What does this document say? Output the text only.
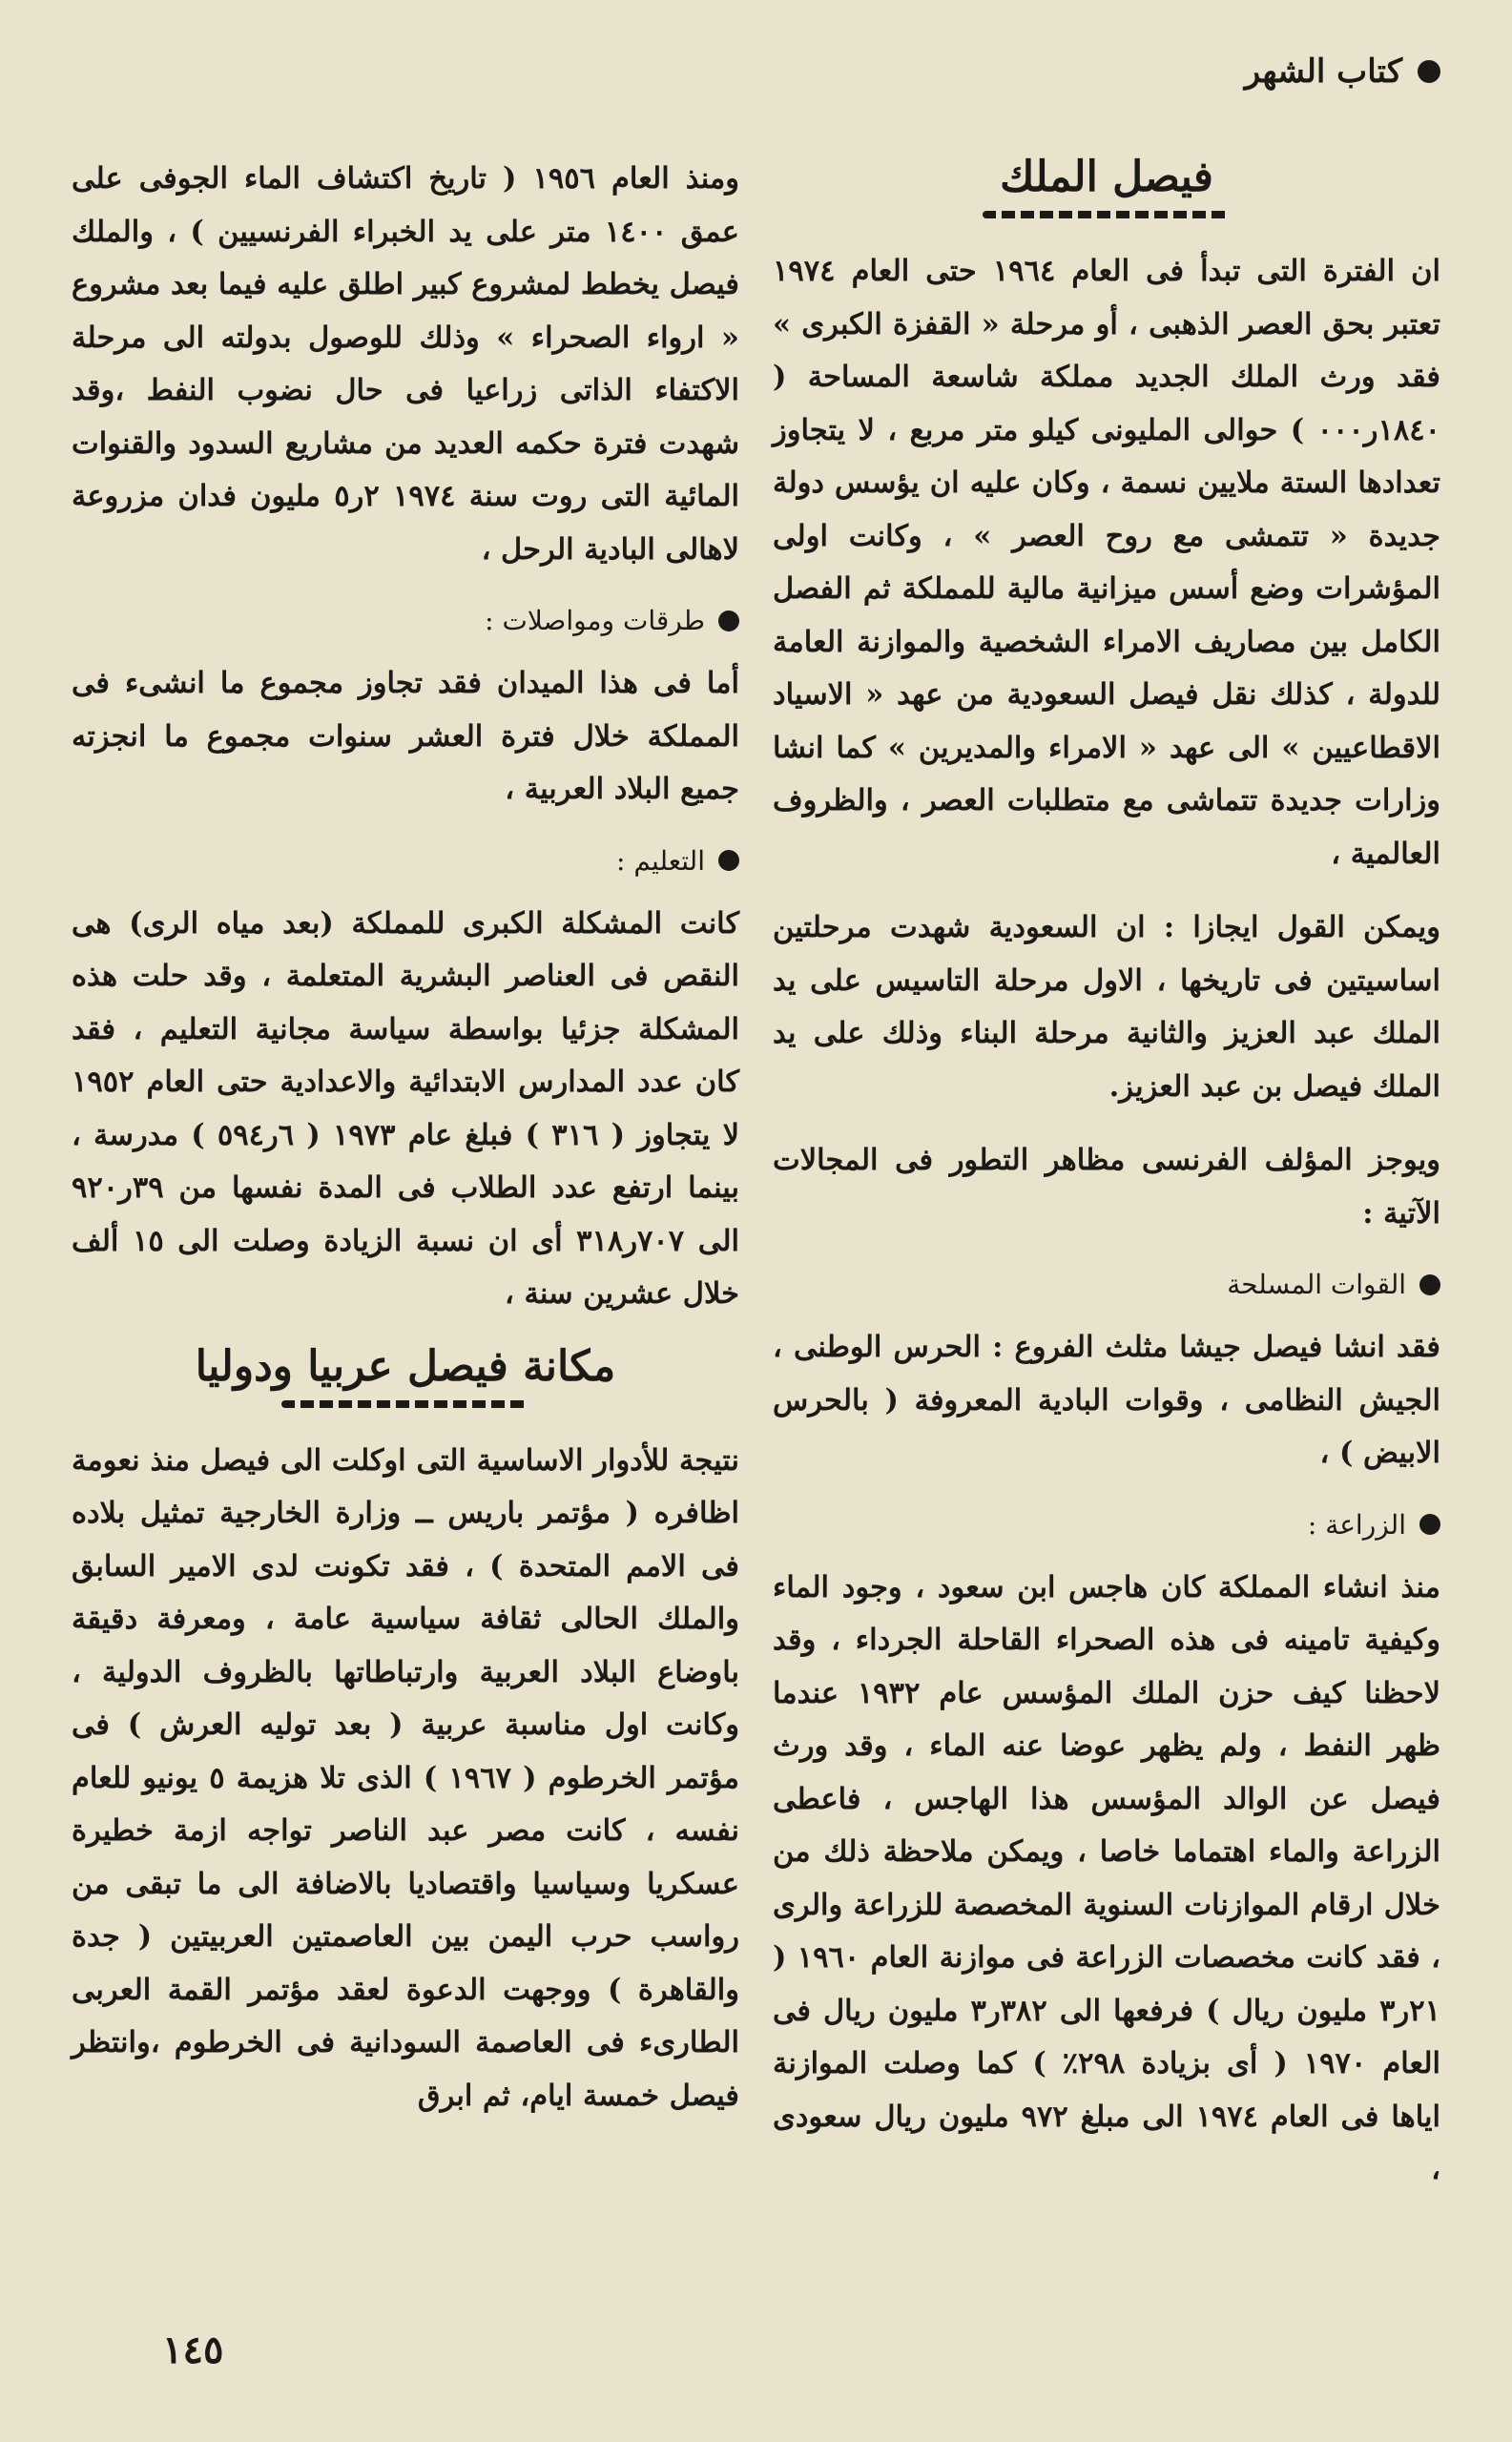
كتاب الشهر
فيصل الملك

ان الفترة التى تبدأ فى العام ١٩٦٤ حتى العام ١٩٧٤ تعتبر بحق العصر الذهبى ، أو مرحلة « القفزة الكبرى » فقد ورث الملك الجديد مملكة شاسعة المساحة ( ١٨٤٠ر٠٠٠ ) حوالى المليونى كيلو متر مربع ، لا يتجاوز تعدادها الستة ملايين نسمة ، وكان عليه ان يؤسس دولة جديدة « تتمشى مع روح العصر » ، وكانت اولى المؤشرات وضع أسس ميزانية مالية للمملكة ثم الفصل الكامل بين مصاريف الامراء الشخصية والموازنة العامة للدولة ، كذلك نقل فيصل السعودية من عهد « الاسياد الاقطاعيين » الى عهد « الامراء والمديرين » كما انشا وزارات جديدة تتماشى مع متطلبات العصر ، والظروف العالمية ،

ويمكن القول ايجازا : ان السعودية شهدت مرحلتين اساسيتين فى تاريخها ، الاول مرحلة التاسيس على يد الملك عبد العزيز والثانية مرحلة البناء وذلك على يد الملك فيصل بن عبد العزيز.

ويوجز المؤلف الفرنسى مظاهر التطور فى المجالات الآتية :

القوات المسلحة

فقد انشا فيصل جيشا مثلث الفروع : الحرس الوطنى ، الجيش النظامى ، وقوات البادية المعروفة ( بالحرس الابيض ) ،

الزراعة :

منذ انشاء المملكة كان هاجس ابن سعود ، وجود الماء وكيفية تامينه فى هذه الصحراء القاحلة الجرداء ، وقد لاحظنا كيف حزن الملك المؤسس عام ١٩٣٢ عندما ظهر النفط ، ولم يظهر عوضا عنه الماء ، وقد ورث فيصل عن الوالد المؤسس هذا الهاجس ، فاعطى الزراعة والماء اهتماما خاصا ، ويمكن ملاحظة ذلك من خلال ارقام الموازنات السنوية المخصصة للزراعة والرى ، فقد كانت مخصصات الزراعة فى موازنة العام ١٩٦٠ ( ٢١ر٣ مليون ريال ) فرفعها الى ٣٨٢ر٣ مليون ريال فى العام ١٩٧٠ ( أى بزيادة ٢٩٨٪ ) كما وصلت الموازنة اياها فى العام ١٩٧٤ الى مبلغ ٩٧٢ مليون ريال سعودى ،

ومنذ العام ١٩٥٦ ( تاريخ اكتشاف الماء الجوفى على عمق ١٤٠٠ متر على يد الخبراء الفرنسيين ) ، والملك فيصل يخطط لمشروع كبير اطلق عليه فيما بعد مشروع « ارواء الصحراء » وذلك للوصول بدولته الى مرحلة الاكتفاء الذاتى زراعيا فى حال نضوب النفط ،وقد شهدت فترة حكمه العديد من مشاريع السدود والقنوات المائية التى روت سنة ١٩٧٤ ٢ر٥ مليون فدان مزروعة لاهالى البادية الرحل ،

طرقات ومواصلات :

أما فى هذا الميدان فقد تجاوز مجموع ما انشىء فى المملكة خلال فترة العشر سنوات مجموع ما انجزته جميع البلاد العربية ،

التعليم :

كانت المشكلة الكبرى للمملكة (بعد مياه الرى) هى النقص فى العناصر البشرية المتعلمة ، وقد حلت هذه المشكلة جزئيا بواسطة سياسة مجانية التعليم ، فقد كان عدد المدارس الابتدائية والاعدادية حتى العام ١٩٥٢ لا يتجاوز ( ٣١٦ ) فبلغ عام ١٩٧٣ ( ٦ر٥٩٤ ) مدرسة ، بينما ارتفع عدد الطلاب فى المدة نفسها من ٣٩ر٩٢٠ الى ٧٠٧ر٣١٨ أى ان نسبة الزيادة وصلت الى ١٥ ألف خلال عشرين سنة ،

مكانة فيصل عربيا ودوليا

نتيجة للأدوار الاساسية التى اوكلت الى فيصل منذ نعومة اظافره ( مؤتمر باريس ــ وزارة الخارجية تمثيل بلاده فى الامم المتحدة ) ، فقد تكونت لدى الامير السابق والملك الحالى ثقافة سياسية عامة ، ومعرفة دقيقة باوضاع البلاد العربية وارتباطاتها بالظروف الدولية ، وكانت اول مناسبة عربية ( بعد توليه العرش ) فى مؤتمر الخرطوم ( ١٩٦٧ ) الذى تلا هزيمة ٥ يونيو للعام نفسه ، كانت مصر عبد الناصر تواجه ازمة خطيرة عسكريا وسياسيا واقتصاديا بالاضافة الى ما تبقى من رواسب حرب اليمن بين العاصمتين العربيتين ( جدة والقاهرة ) ووجهت الدعوة لعقد مؤتمر القمة العربى الطارىء فى العاصمة السودانية فى الخرطوم ،وانتظر فيصل خمسة ايام، ثم ابرق

١٤٥
